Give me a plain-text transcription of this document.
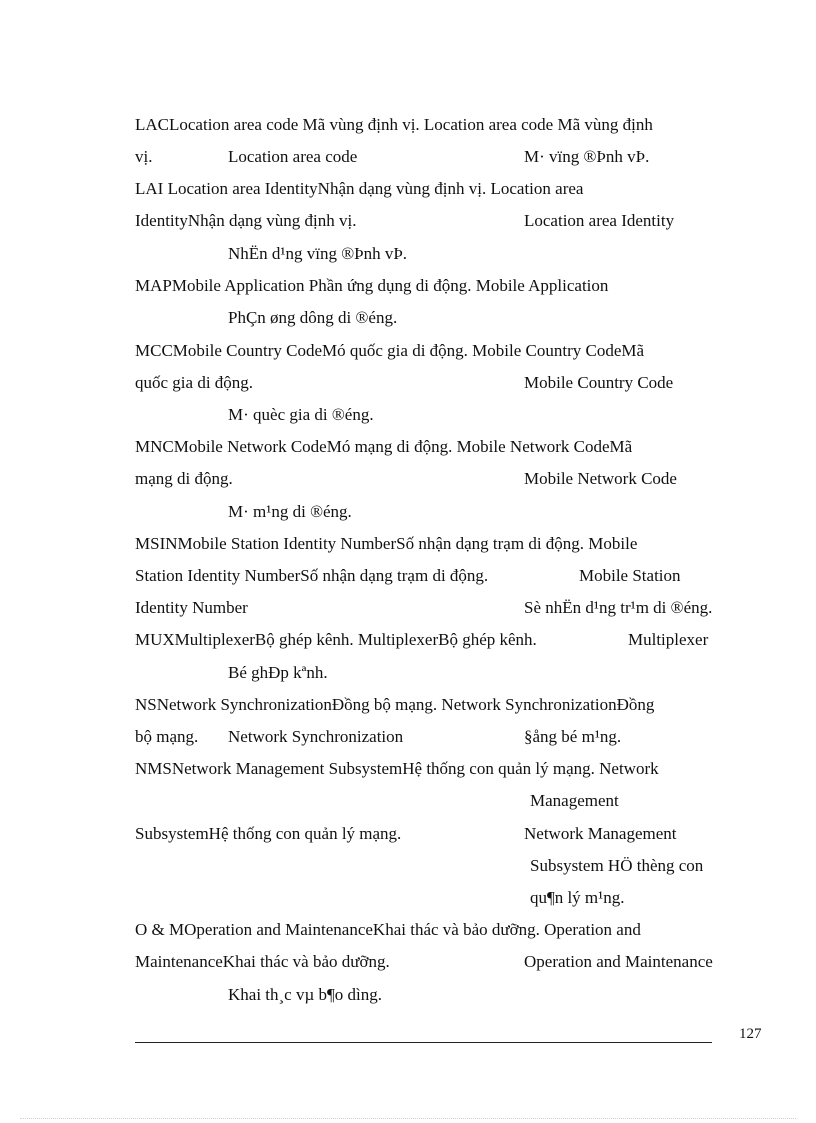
LACLocation area code Mã vùng định vị. Location area code Mã vùng định

vị.	Location area code	M· vïng ®Þnh vÞ.

LAI Location area IdentityNhận dạng vùng định vị. Location area

IdentityNhận dạng vùng định vị.	Location area Identity

NhËn d¹ng vïng ®Þnh vÞ.

MAPMobile Application Phần ứng dụng di động. Mobile Application

PhÇn øng dông di ®éng.

MCCMobile Country CodeMó quốc gia di động. Mobile Country CodeMã

quốc gia di động.	Mobile Country Code

M· quèc gia di ®éng.

MNCMobile Network CodeMó mạng di động. Mobile Network CodeMã

mạng di động.	Mobile Network Code

M· m¹ng di ®éng.

MSINMobile Station Identity NumberSố nhận dạng trạm di động. Mobile

Station Identity NumberSố nhận dạng trạm di động.	Mobile Station

Identity Number	Sè nhËn d¹ng tr¹m di ®éng.

MUXMultiplexerBộ ghép kênh. MultiplexerBộ ghép kênh.	Multiplexer

Bé ghÐp kªnh.

NSNetwork SynchronizationĐồng bộ mạng. Network SynchronizationĐồng

bộ mạng. Network Synchronization	§ång bé m¹ng.

NMSNetwork Management SubsystemHệ thống con quản lý mạng. Network

Management

SubsystemHệ thống con quản lý mạng.	Network Management

Subsystem HÖ thèng con

qu¶n lý m¹ng.

O & MOperation and MaintenanceKhai thác và bảo dưỡng. Operation and

MaintenanceKhai thác và bảo dưỡng.	Operation and Maintenance

Khai th¸c vµ b¶o dìng.

127
